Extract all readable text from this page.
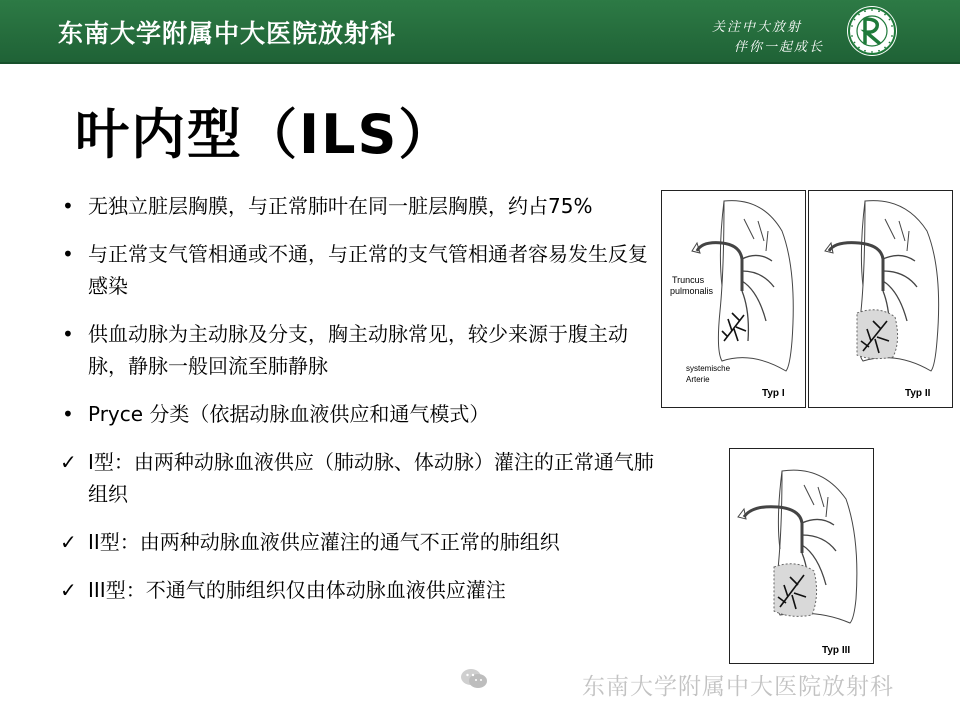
东南大学附属中大医院放射科	关注中大放射
伴你一起成长
叶内型（ILS）
• 无独立脏层胸膜，与正常肺叶在同一脏层胸膜，约占75%
• 与正常支气管相通或不通，与正常的支气管相通者容易发生反复感染
• 供血动脉为主动脉及分支，胸主动脉常见，较少来源于腹主动脉，静脉一般回流至肺静脉
• Pryce 分类（依据动脉血液供应和通气模式）
✓ I型：由两种动脉血液供应（肺动脉、体动脉）灌注的正常通气肺组织
✓ II型：由两种动脉血液供应灌注的通气不正常的肺组织
✓ III型：不通气的肺组织仅由体动脉血液供应灌注
Truncus
pulmonalis
systemische
Arterie
Typ I	Typ II
Typ III
东南大学附属中大医院放射科
